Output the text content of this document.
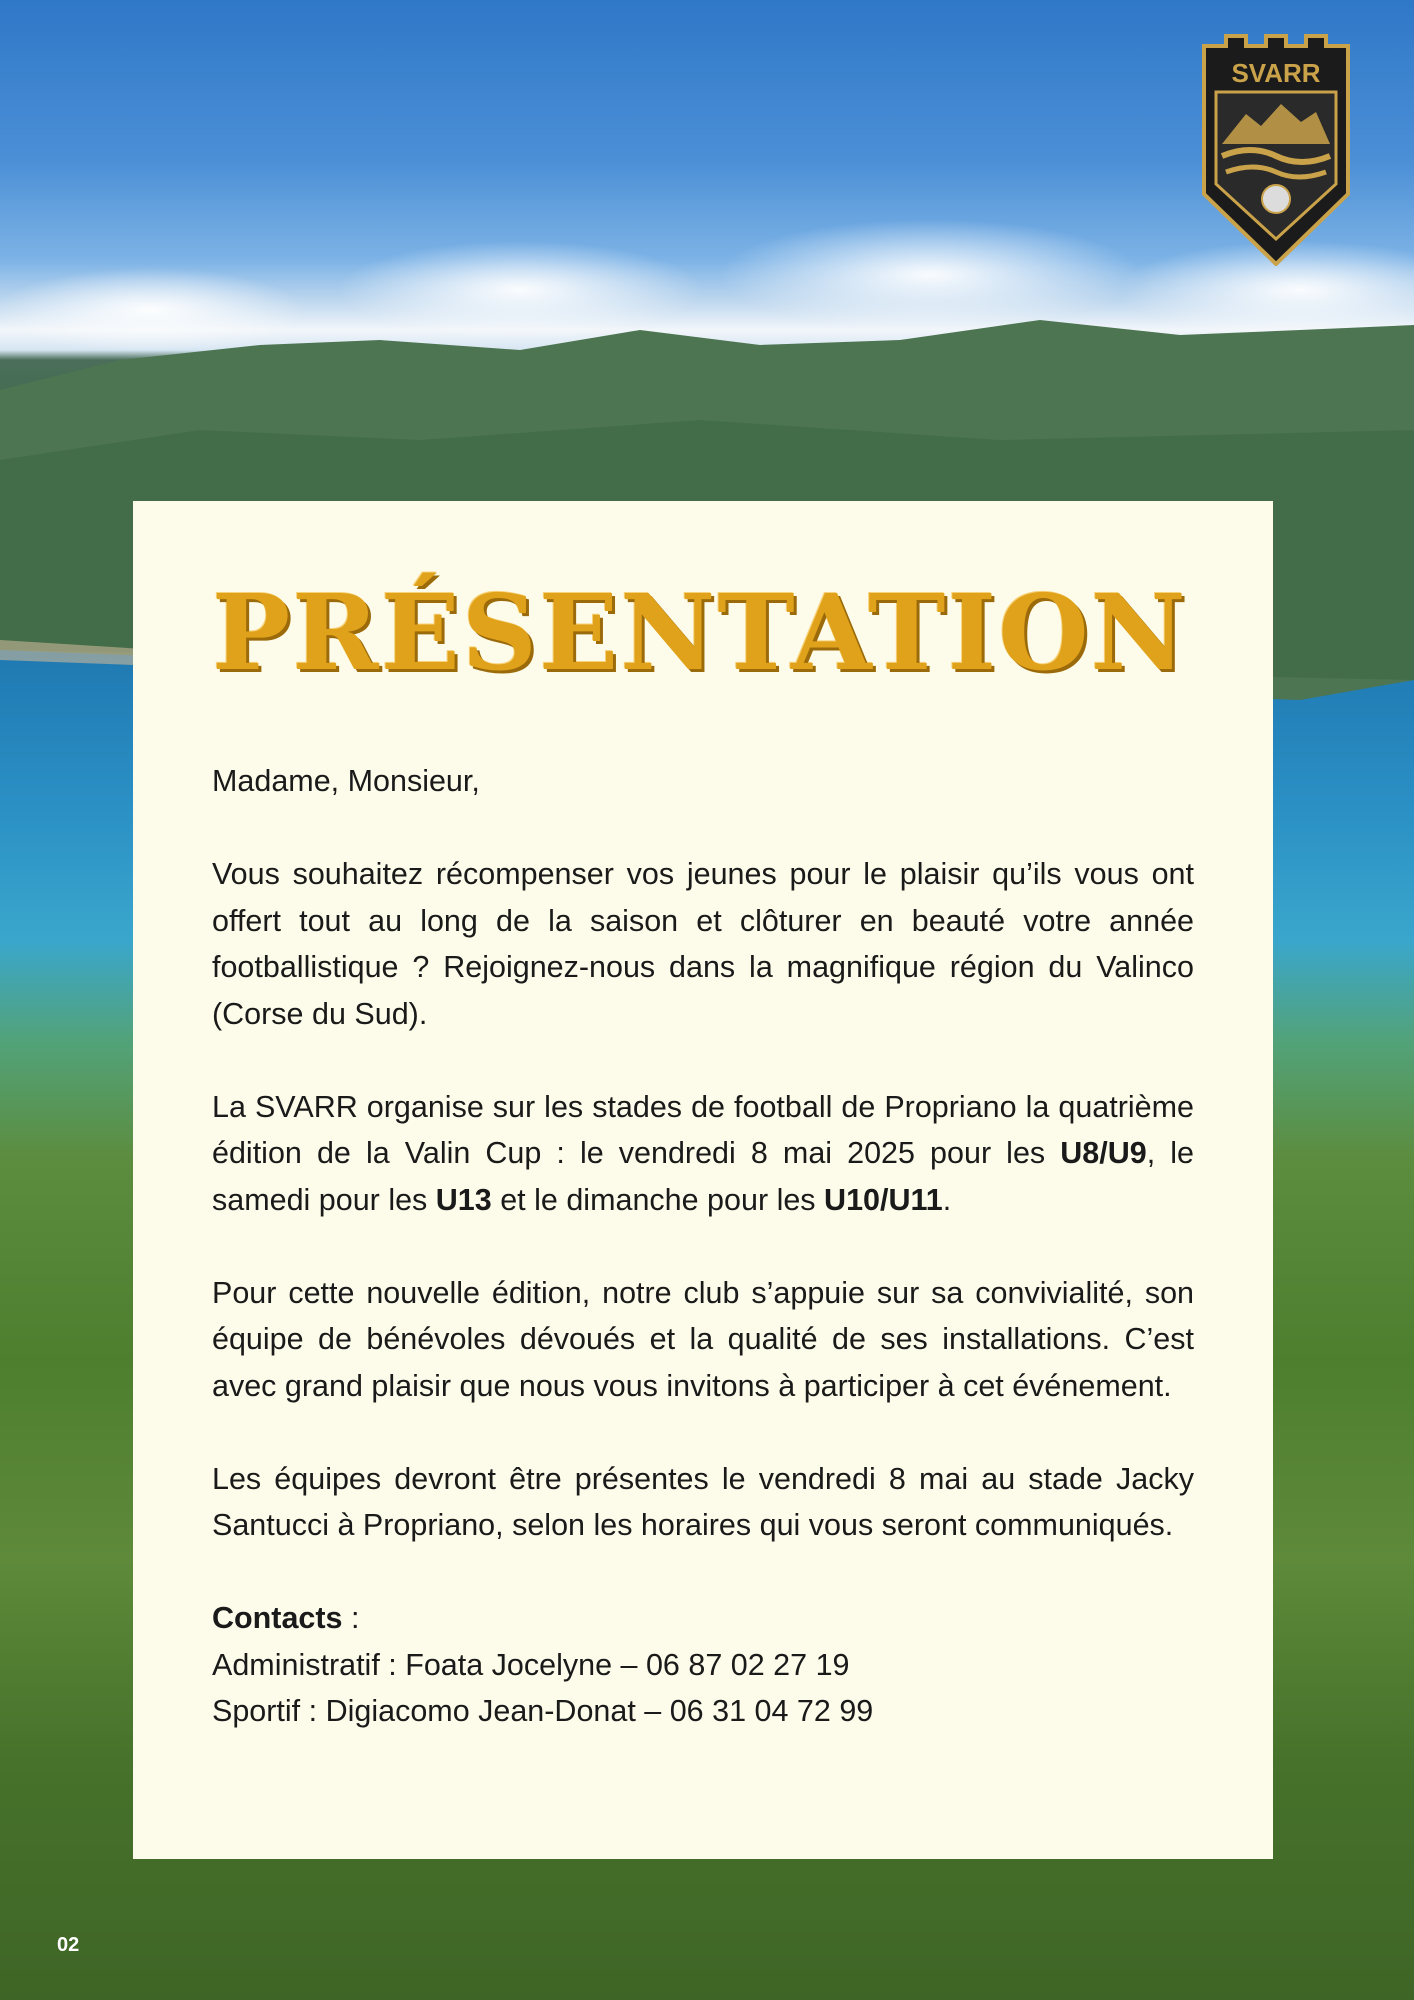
SVARR
PRÉSENTATION

Madame, Monsieur,

Vous souhaitez récompenser vos jeunes pour le plaisir qu’ils vous ont offert tout au long de la saison et clôturer en beauté votre année footballistique ? Rejoignez-nous dans la magnifique région du Valinco (Corse du Sud).

La SVARR organise sur les stades de football de Propriano la quatrième édition de la Valin Cup : le vendredi 8 mai 2025 pour les U8/U9, le samedi pour les U13 et le dimanche pour les U10/U11.

Pour cette nouvelle édition, notre club s’appuie sur sa convivialité, son équipe de bénévoles dévoués et la qualité de ses installations. C’est avec grand plaisir que nous vous invitons à participer à cet événement.

Les équipes devront être présentes le vendredi 8 mai au stade Jacky Santucci à Propriano, selon les horaires qui vous seront communiqués.

Contacts :

Administratif : Foata Jocelyne – 06 87 02 27 19

Sportif : Digiacomo Jean-Donat – 06 31 04 72 99

02
